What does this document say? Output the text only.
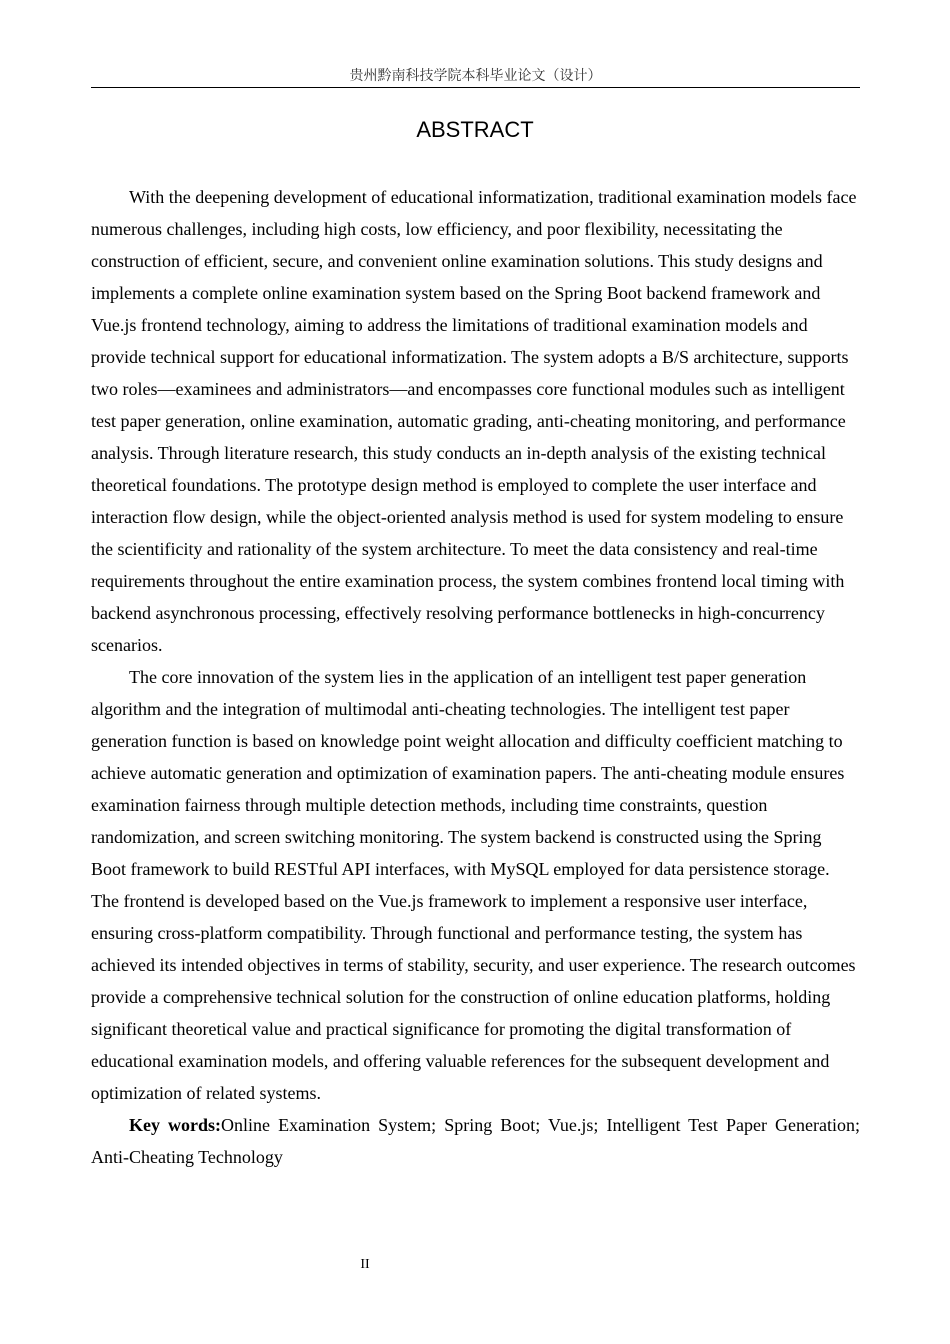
贵州黔南科技学院本科毕业论文（设计）
ABSTRACT

With the deepening development of educational informatization, traditional examination models face numerous challenges, including high costs, low efficiency, and poor flexibility, necessitating the construction of efficient, secure, and convenient online examination solutions. This study designs and implements a complete online examination system based on the Spring Boot backend framework and Vue.js frontend technology, aiming to address the limitations of traditional examination models and provide technical support for educational informatization. The system adopts a B/S architecture, supports two roles—examinees and administrators—and encompasses core functional modules such as intelligent test paper generation, online examination, automatic grading, anti-cheating monitoring, and performance analysis. Through literature research, this study conducts an in-depth analysis of the existing technical theoretical foundations. The prototype design method is employed to complete the user interface and interaction flow design, while the object-oriented analysis method is used for system modeling to ensure the scientificity and rationality of the system architecture. To meet the data consistency and real-time requirements throughout the entire examination process, the system combines frontend local timing with backend asynchronous processing, effectively resolving performance bottlenecks in high-concurrency scenarios.

The core innovation of the system lies in the application of an intelligent test paper generation algorithm and the integration of multimodal anti-cheating technologies. The intelligent test paper generation function is based on knowledge point weight allocation and difficulty coefficient matching to achieve automatic generation and optimization of examination papers. The anti-cheating module ensures examination fairness through multiple detection methods, including time constraints, question randomization, and screen switching monitoring. The system backend is constructed using the Spring Boot framework to build RESTful API interfaces, with MySQL employed for data persistence storage. The frontend is developed based on the Vue.js framework to implement a responsive user interface, ensuring cross-platform compatibility. Through functional and performance testing, the system has achieved its intended objectives in terms of stability, security, and user experience. The research outcomes provide a comprehensive technical solution for the construction of online education platforms, holding significant theoretical value and practical significance for promoting the digital transformation of educational examination models, and offering valuable references for the subsequent development and optimization of related systems.

Key words:Online Examination System; Spring Boot; Vue.js; Intelligent Test Paper Generation; Anti-Cheating Technology

II
